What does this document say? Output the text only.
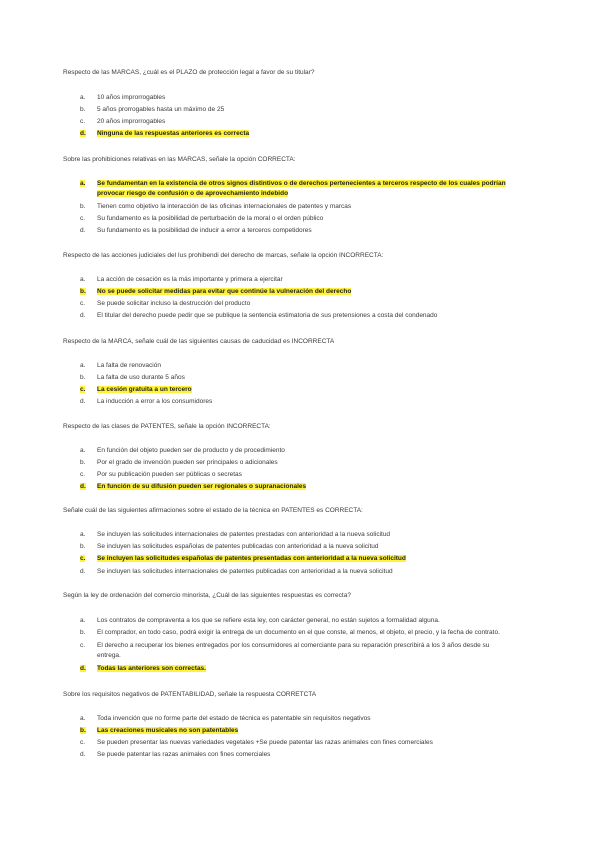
Respecto de las MARCAS, ¿cuál es el PLAZO de protección legal a favor de su titular?
a.	10 años improrrogables
b.	5 años prorrogables hasta un máximo de 25
c.	20 años improrrogables
d.	Ninguna de las respuestas anteriores es correcta
Sobre las prohibiciones relativas en las MARCAS, señale la opción CORRECTA:
a.	Se fundamentan en la existencia de otros signos distintivos o de derechos pertenecientes a terceros respecto de los cuales podrían
provocar riesgo de confusión o de aprovechamiento indebido
b.	Tienen como objetivo la interacción de las oficinas internacionales de patentes y marcas
c.	Su fundamento es la posibilidad de perturbación de la moral o el orden público
d.	Su fundamento es la posibilidad de inducir a error a terceros competidores
Respecto de las acciones judiciales del Ius prohibendi del derecho de marcas, señale la opción INCORRECTA:
a.	La acción de cesación es la más importante y primera a ejercitar
b.	No se puede solicitar medidas para evitar que continúe la vulneración del derecho
c.	Se puede solicitar incluso la destrucción del producto
d.	El titular del derecho puede pedir que se publique la sentencia estimatoria de sus pretensiones a costa del condenado
Respecto de la MARCA, señale cuál de las siguientes causas de caducidad es INCORRECTA
a.	La falta de renovación
b.	La falta de uso durante 5 años
c.	La cesión gratuita a un tercero
d.	La inducción a error a los consumidores
Respecto de las clases de PATENTES, señale la opción INCORRECTA:
a.	En función del objeto pueden ser de producto y de procedimiento
b.	Por el grado de invención pueden ser principales o adicionales
c.	Por su publicación pueden ser públicas o secretas
d.	En función de su difusión pueden ser regionales o supranacionales
Señale cuál de las siguientes afirmaciones sobre el estado de la técnica en PATENTES es CORRECTA:
a.	Se incluyen las solicitudes internacionales de patentes prestadas con anterioridad a la nueva solicitud
b.	Se incluyen las solicitudes españolas de patentes publicadas con anterioridad a la nueva solicitud
c.	Se incluyen las solicitudes españolas de patentes presentadas con anterioridad a la nueva solicitud
d.	Se incluyen las solicitudes internacionales de patentes publicadas con anterioridad a la nueva solicitud
Según la ley de ordenación del comercio minorista, ¿Cuál de las siguientes respuestas es correcta?
a.	Los contratos de compraventa a los que se refiere esta ley, con carácter general, no están sujetos a formalidad alguna.
b.	El comprador, en todo caso, podrá exigir la entrega de un documento en el que conste, al menos, el objeto, el precio, y la fecha de contrato.
c.	El derecho a recuperar los bienes entregados por los consumidores al comerciante para su reparación prescribirá a los 3 años desde su
entrega.
d.	Todas las anteriores son correctas.
Sobre los requisitos negativos de PATENTABILIDAD, señale la respuesta CORRETCTA
a.	Toda invención que no forme parte del estado de técnica es patentable sin requisitos negativos
b.	Las creaciones musicales no son patentables
c.	Se pueden presentar las nuevas variedades vegetales +Se puede patentar las razas animales con fines comerciales
d.	Se puede patentar las razas animales con fines comerciales
